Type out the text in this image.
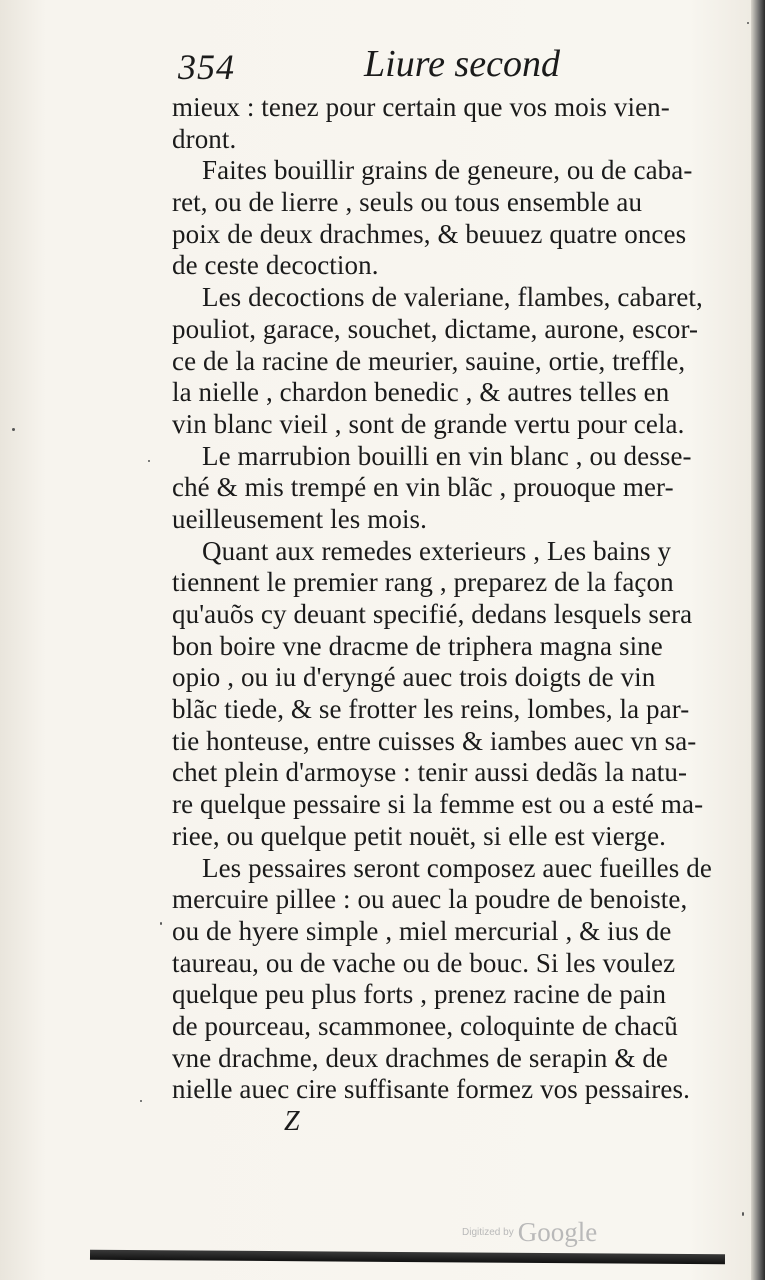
354	Liure second
mieux : tenez pour certain que vos mois vien-
dront.
Faites bouillir grains de geneure, ou de caba-
ret, ou de lierre , seuls ou tous ensemble au
poix de deux drachmes, & beuuez quatre onces
de ceste decoction.
Les decoctions de valeriane, flambes, cabaret,
pouliot, garace, souchet, dictame, aurone, escor-
ce de la racine de meurier, sauine, ortie, treffle,
la nielle , chardon benedic , & autres telles en
vin blanc vieil , sont de grande vertu pour cela.
Le marrubion bouilli en vin blanc , ou desse-
ché & mis trempé en vin blãc , prouoque mer-
ueilleusement les mois.
Quant aux remedes exterieurs , Les bains y
tiennent le premier rang , preparez de la façon
qu'auõs cy deuant specifié, dedans lesquels sera
bon boire vne dracme de triphera magna sine
opio , ou iu d'eryngé auec trois doigts de vin
blãc tiede, & se frotter les reins, lombes, la par-
tie honteuse, entre cuisses & iambes auec vn sa-
chet plein d'armoyse : tenir aussi dedãs la natu-
re quelque pessaire si la femme est ou a esté ma-
riee, ou quelque petit nouët, si elle est vierge.
Les pessaires seront composez auec fueilles de
mercuire pillee : ou auec la poudre de benoiste,
ou de hyere simple , miel mercurial , & ius de
taureau, ou de vache ou de bouc. Si les voulez
quelque peu plus forts , prenez racine de pain
de pourceau, scammonee, coloquinte de chacũ
vne drachme, deux drachmes de serapin & de
nielle auec cire suffisante formez vos pessaires.
Z
Digitized by Google
